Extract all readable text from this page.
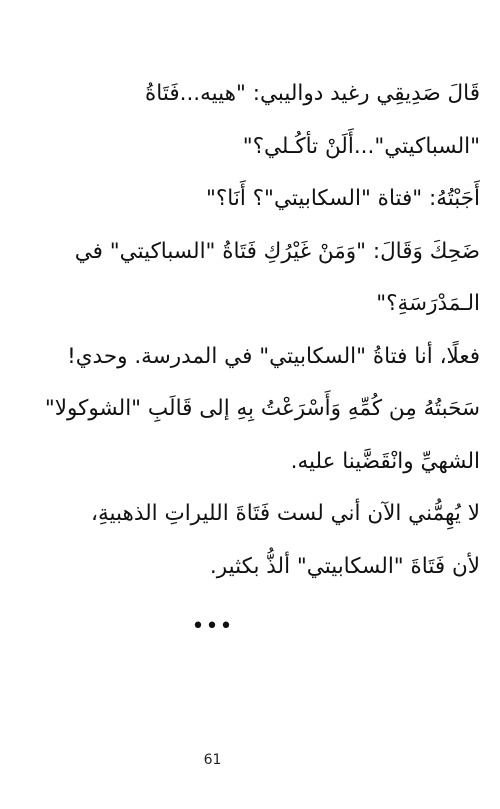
قَالَ صَدِيقِي رغيد دواليبي: "هييه...فَتَاةُ
"السباكيتي"...أَلَنْ تأكُـلي؟"
أَجَبْتُهُ: "فتاة "السكابيتي"؟ أَنَا؟"
ضَحِكَ وَقَالَ: "وَمَنْ غَيْرُكِ فَتَاةُ "السباكيتي" في
الـمَدْرَسَةِ؟"
فعلًا، أنا فتاةُ "السكابيتي" في المدرسة. وحدي!
سَحَبتُهُ مِن كُمِّهِ وَأَسْرَعْتُ بِهِ إلى قَالَبِ "الشوكولا"
الشهيِّ وانْقَضَّينا عليه.
لا يُهِمُّني الآن أني لست فَتَاةَ الليراتِ الذهبيةِ،
لأن فَتَاةَ "السكابيتي" ألذُّ بكثير.
•••
61
